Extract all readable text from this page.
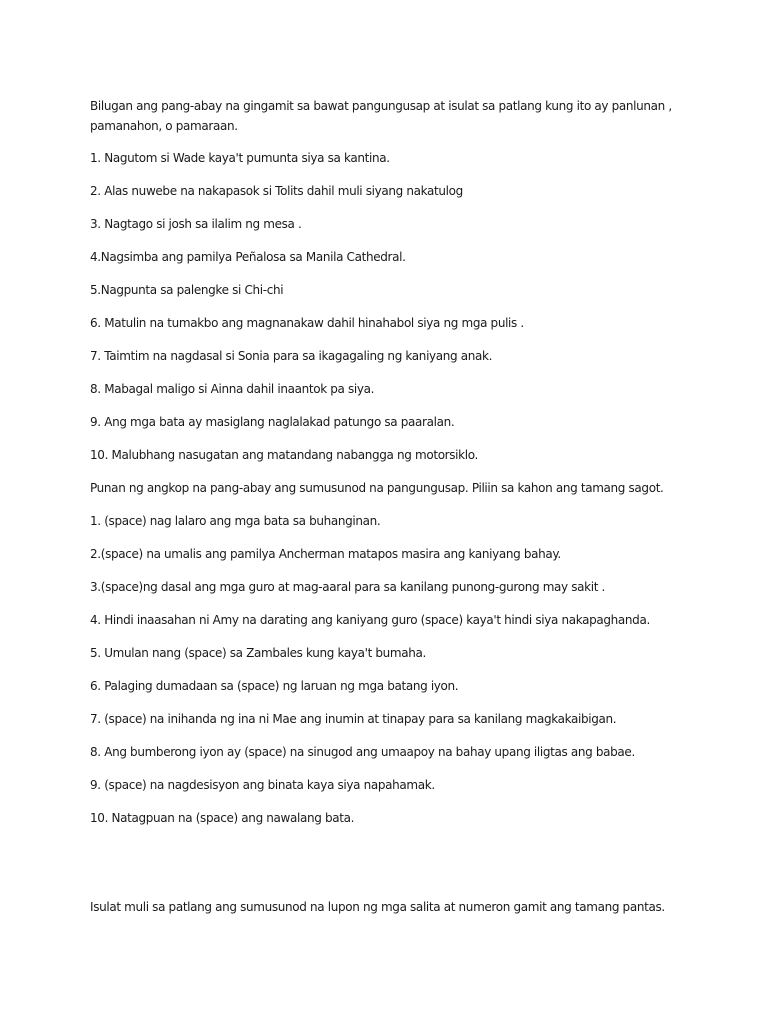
Bilugan ang pang-abay na gingamit sa bawat pangungusap at isulat sa patlang kung ito ay panlunan , pamanahon, o pamaraan.

1. Nagutom si Wade kaya't pumunta siya sa kantina.
2. Alas nuwebe na nakapasok si Tolits dahil muli siyang nakatulog
3. Nagtago si josh sa ilalim ng mesa .
4.Nagsimba ang pamilya Peñalosa sa Manila Cathedral.
5.Nagpunta sa palengke si Chi-chi
6. Matulin na tumakbo ang magnanakaw dahil hinahabol siya ng mga pulis .
7. Taimtim na nagdasal si Sonia para sa ikagagaling ng kaniyang anak.
8. Mabagal maligo si Ainna dahil inaantok pa siya.
9. Ang mga bata ay masiglang naglalakad patungo sa paaralan.
10. Malubhang nasugatan ang matandang nabangga ng motorsiklo.
Punan ng angkop na pang-abay ang sumusunod na pangungusap. Piliin sa kahon ang tamang sagot.
1. (space) nag lalaro ang mga bata sa buhanginan.
2.(space) na umalis ang pamilya Ancherman matapos masira ang kaniyang bahay.
3.(space)ng dasal ang mga guro at mag-aaral para sa kanilang punong-gurong may sakit .
4. Hindi inaasahan ni Amy na darating ang kaniyang guro (space) kaya't hindi siya nakapaghanda.
5. Umulan nang (space) sa Zambales kung kaya't bumaha.
6. Palaging dumadaan sa (space) ng laruan ng mga batang iyon.
7. (space) na inihanda ng ina ni Mae ang inumin at tinapay para sa kanilang magkakaibigan.
8. Ang bumberong iyon ay (space) na sinugod ang umaapoy na bahay upang iligtas ang babae.
9. (space) na nagdesisyon ang binata kaya siya napahamak.
10. Natagpuan na (space) ang nawalang bata.
Isulat muli sa patlang ang sumusunod na lupon ng mga salita at numeron gamit ang tamang pantas.
